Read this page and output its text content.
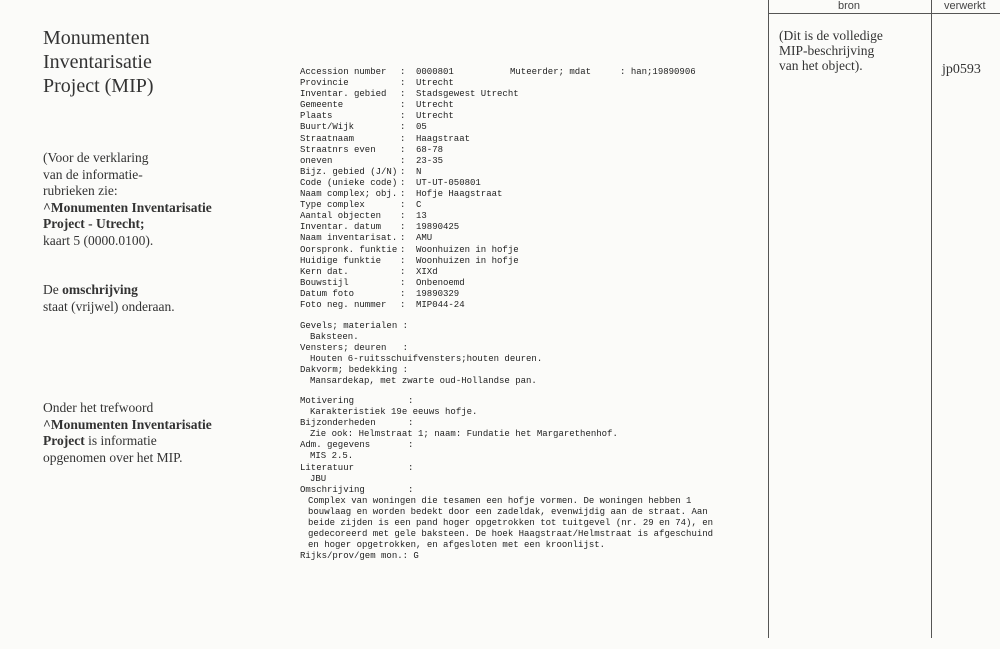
Monumenten
Inventarisatie
Project (MIP)
(Voor de verklaring
van de informatie-
rubrieken zie:
^Monumenten Inventarisatie
Project - Utrecht;
kaart 5 (0000.0100).
De omschrijving
staat (vrijwel) onderaan.
Onder het trefwoord
^Monumenten Inventarisatie
Project is informatie
opgenomen over het MIP.
Accession number	:	0000801	Muteerder; mdat	: han;19890906
Provincie	:	Utrecht
Inventar. gebied	:	Stadsgewest Utrecht
Gemeente	:	Utrecht
Plaats	:	Utrecht
Buurt/Wijk	:	05
Straatnaam	:	Haagstraat
Straatnrs even	:	68-78
oneven	:	23-35
Bijz. gebied (J/N) :	N
Code (unieke code) :	UT-UT-050801
Naam complex; obj. :	Hofje Haagstraat
Type complex	:	C
Aantal objecten	:	13
Inventar. datum	:	19890425
Naam inventarisat. :	AMU
Oorspronk. funktie :	Woonhuizen in hofje
Huidige funktie	:	Woonhuizen in hofje
Kern dat.	:	XIXd
Bouwstijl	:	Onbenoemd
Datum foto	:	19890329
Foto neg. nummer	:	MIP044-24
Gevels; materialen :
Baksteen.
Vensters; deuren   :
Houten 6-ruitsschuifvensters;houten deuren.
Dakvorm; bedekking :
Mansardekap, met zwarte oud-Hollandse pan.
Motivering          :
Karakteristiek 19e eeuws hofje.
Bijzonderheden      :
Zie ook: Helmstraat 1; naam: Fundatie het Margarethenhof.
Adm. gegevens       :
MIS 2.5.
Literatuur          :
JBU
Omschrijving        :
Complex van woningen die tesamen een hofje vormen. De woningen hebben 1
bouwlaag en worden bedekt door een zadeldak, evenwijdig aan de straat. Aan
beide zijden is een pand hoger opgetrokken tot tuitgevel (nr. 29 en 74), en
gedecoreerd met gele baksteen. De hoek Haagstraat/Helmstraat is afgeschuind
en hoger opgetrokken, en afgesloten met een kroonlijst.
Rijks/prov/gem mon.: G
bron	verwerkt
(Dit is de volledige
MIP-beschrijving
van het object).	jp0593
